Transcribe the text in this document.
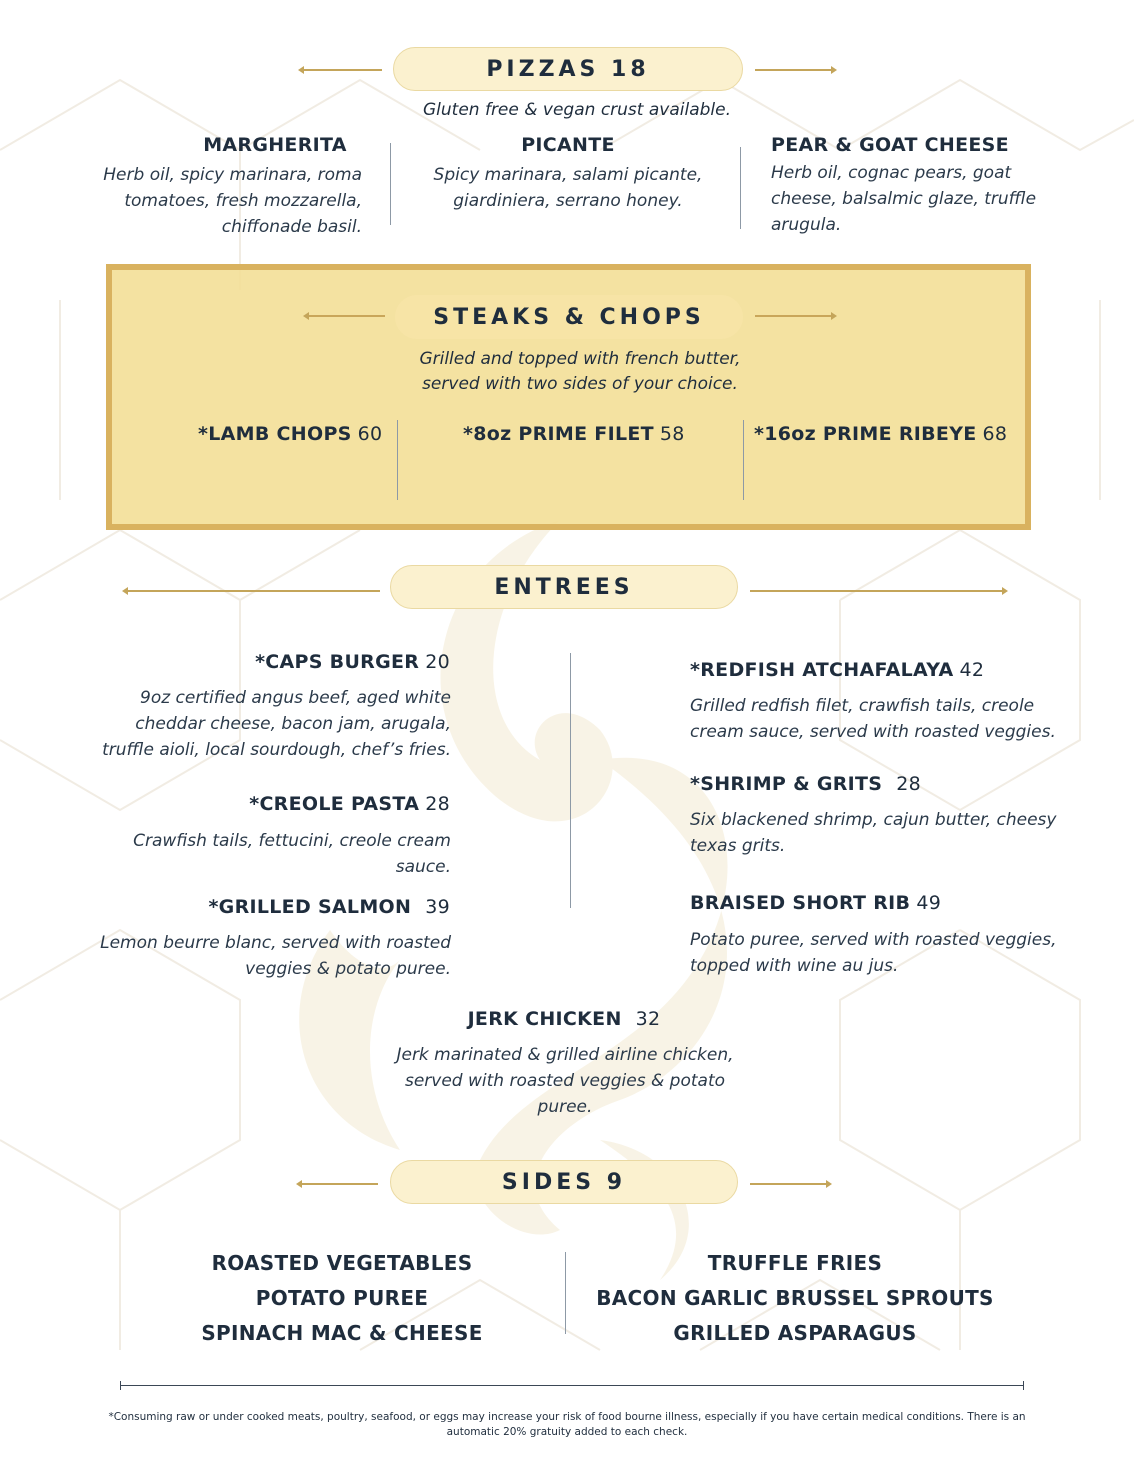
PIZZAS 18
Gluten free & vegan crust available.
MARGHERITA
Herb oil, spicy marinara, roma tomatoes, fresh mozzarella, chiffonade basil.
PICANTE
Spicy marinara, salami picante, giardiniera, serrano honey.
PEAR & GOAT CHEESE
Herb oil, cognac pears, goat cheese, balsalmic glaze, truffle arugula.
STEAKS & CHOPS
Grilled and topped with french butter,
served with two sides of your choice.
*LAMB CHOPS 60	*8oz PRIME FILET 58	*16oz PRIME RIBEYE 68
ENTREES
*CAPS BURGER 20
9oz certified angus beef, aged white cheddar cheese, bacon jam, arugala, truffle aioli, local sourdough, chef’s fries.
*CREOLE PASTA 28
Crawfish tails, fettucini, creole cream sauce.
*GRILLED SALMON 39
Lemon beurre blanc, served with roasted veggies & potato puree.
*REDFISH ATCHAFALAYA 42
Grilled redfish filet, crawfish tails, creole cream sauce, served with roasted veggies.
*SHRIMP & GRITS 28
Six blackened shrimp, cajun butter, cheesy texas grits.
BRAISED SHORT RIB 49
Potato puree, served with roasted veggies, topped with wine au jus.
JERK CHICKEN 32
Jerk marinated & grilled airline chicken, served with roasted veggies & potato puree.
SIDES 9
ROASTED VEGETABLES
POTATO PUREE
SPINACH MAC & CHEESE
TRUFFLE FRIES
BACON GARLIC BRUSSEL SPROUTS
GRILLED ASPARAGUS
*Consuming raw or under cooked meats, poultry, seafood, or eggs may increase your risk of food bourne illness, especially if you have certain medical conditions. There is an
automatic 20% gratuity added to each check.
